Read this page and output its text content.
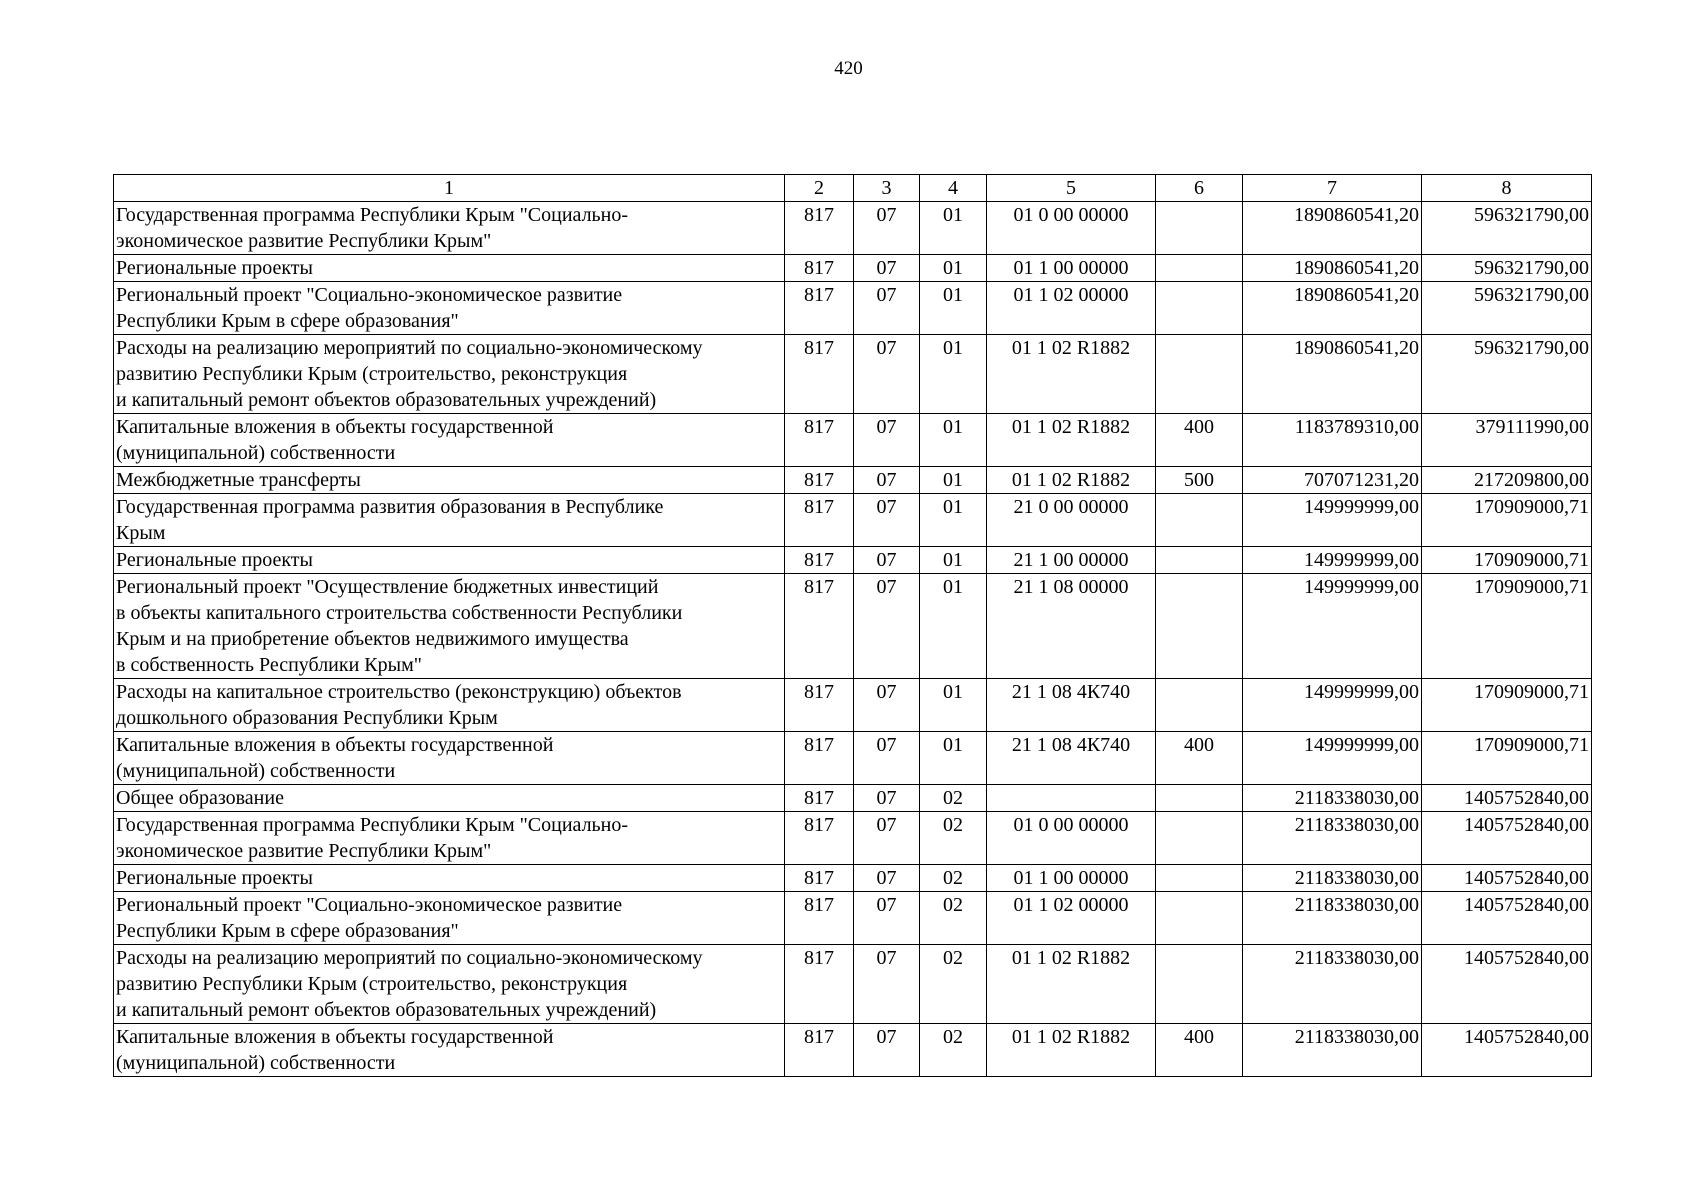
420
1	2	3	4	5	6	7	8
Государственная программа Республики Крым "Социально-
экономическое развитие Республики Крым"	817	07	01	01 0 00 00000		1890860541,20	596321790,00
Региональные проекты	817	07	01	01 1 00 00000		1890860541,20	596321790,00
Региональный проект "Социально-экономическое развитие
Республики Крым в сфере образования"	817	07	01	01 1 02 00000		1890860541,20	596321790,00
Расходы на реализацию мероприятий по социально-экономическому
развитию Республики Крым (строительство, реконструкция
и капитальный ремонт объектов образовательных учреждений)	817	07	01	01 1 02 R1882		1890860541,20	596321790,00
Капитальные вложения в объекты государственной
(муниципальной) собственности	817	07	01	01 1 02 R1882	400	1183789310,00	379111990,00
Межбюджетные трансферты	817	07	01	01 1 02 R1882	500	707071231,20	217209800,00
Государственная программа развития образования в Республике
Крым	817	07	01	21 0 00 00000		149999999,00	170909000,71
Региональные проекты	817	07	01	21 1 00 00000		149999999,00	170909000,71
Региональный проект "Осуществление бюджетных инвестиций
в объекты капитального строительства собственности Республики
Крым и на приобретение объектов недвижимого имущества
в собственность Республики Крым"	817	07	01	21 1 08 00000		149999999,00	170909000,71
Расходы на капитальное строительство (реконструкцию) объектов
дошкольного образования Республики Крым	817	07	01	21 1 08 4К740		149999999,00	170909000,71
Капитальные вложения в объекты государственной
(муниципальной) собственности	817	07	01	21 1 08 4К740	400	149999999,00	170909000,71
Общее образование	817	07	02			2118338030,00	1405752840,00
Государственная программа Республики Крым "Социально-
экономическое развитие Республики Крым"	817	07	02	01 0 00 00000		2118338030,00	1405752840,00
Региональные проекты	817	07	02	01 1 00 00000		2118338030,00	1405752840,00
Региональный проект "Социально-экономическое развитие
Республики Крым в сфере образования"	817	07	02	01 1 02 00000		2118338030,00	1405752840,00
Расходы на реализацию мероприятий по социально-экономическому
развитию Республики Крым (строительство, реконструкция
и капитальный ремонт объектов образовательных учреждений)	817	07	02	01 1 02 R1882		2118338030,00	1405752840,00
Капитальные вложения в объекты государственной
(муниципальной) собственности	817	07	02	01 1 02 R1882	400	2118338030,00	1405752840,00
